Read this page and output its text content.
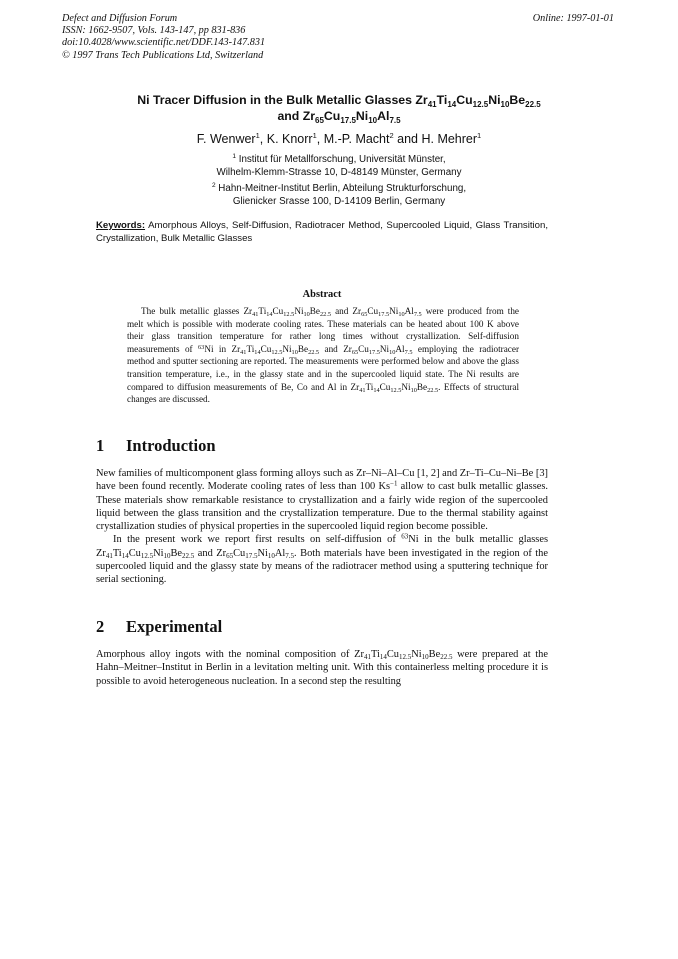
Defect and Diffusion Forum
ISSN: 1662-9507, Vols. 143-147, pp 831-836
doi:10.4028/www.scientific.net/DDF.143-147.831
© 1997 Trans Tech Publications Ltd, Switzerland
Online: 1997-01-01
Ni Tracer Diffusion in the Bulk Metallic Glasses $Zr_{41}Ti_{14}Cu_{12.5}Ni_{10}Be_{22.5}$
and $Zr_{65}Cu_{17.5}Ni_{10}Al_{7.5}$
F. Wenwer$^1$, K. Knorr$^1$, M.-P. Macht$^2$ and H. Mehrer$^1$
$^1$ Institut für Metallforschung, Universität Münster,
Wilhelm-Klemm-Strasse 10, D-48149 Münster, Germany
$^2$ Hahn-Meitner-Institut Berlin, Abteilung Strukturforschung,
Glienicker Srasse 100, D-14109 Berlin, Germany
Keywords: Amorphous Alloys, Self-Diffusion, Radiotracer Method, Supercooled Liquid, Glass Transition, Crystallization, Bulk Metallic Glasses
Abstract
The bulk metallic glasses $Zr_{41}Ti_{14}Cu_{12.5}Ni_{10}Be_{22.5}$ and $Zr_{65}Cu_{17.5}Ni_{10}Al_{7.5}$ were produced from the melt which is possible with moderate cooling rates. These materials can be heated about 100 K above their glass transition temperature for rather long times without crystallization. Self-diffusion measurements of $^{63}$Ni in $Zr_{41}Ti_{14}Cu_{12.5}Ni_{10}Be_{22.5}$ and $Zr_{65}Cu_{17.5}Ni_{10}Al_{7.5}$ employing the radiotracer method and sputter sectioning are reported. The measurements were performed below and above the glass transition temperature, i.e., in the glassy state and in the supercooled liquid state. The Ni results are compared to diffusion measurements of Be, Co and Al in $Zr_{41}Ti_{14}Cu_{12.5}Ni_{10}Be_{22.5}$. Effects of structural changes are discussed.
1 Introduction
New families of multicomponent glass forming alloys such as Zr–Ni–Al–Cu [1, 2] and Zr–Ti–Cu–Ni–Be [3] have been found recently. Moderate cooling rates of less than 100 $Ks^{-1}$ allow to cast bulk metallic glasses. These materials show remarkable resistance to crystallization and a fairly wide region of the supercooled liquid between the glass transition and the crystallization temperature. Due to the thermal stability against crystallization studies of physical properties in the supercooled liquid region become possible.
In the present work we report first results on self-diffusion of $^{63}$Ni in the bulk metallic glasses $Zr_{41}Ti_{14}Cu_{12.5}Ni_{10}Be_{22.5}$ and $Zr_{65}Cu_{17.5}Ni_{10}Al_{7.5}$. Both materials have been investigated in the region of the supercooled liquid and the glassy state by means of the radiotracer method using a sputtering technique for serial sectioning.
2 Experimental
Amorphous alloy ingots with the nominal composition of $Zr_{41}Ti_{14}Cu_{12.5}Ni_{10}Be_{22.5}$ were prepared at the Hahn–Meitner–Institut in Berlin in a levitation melting unit. With this containerless melting procedure it is possible to avoid heterogeneous nucleation. In a second step the resulting
